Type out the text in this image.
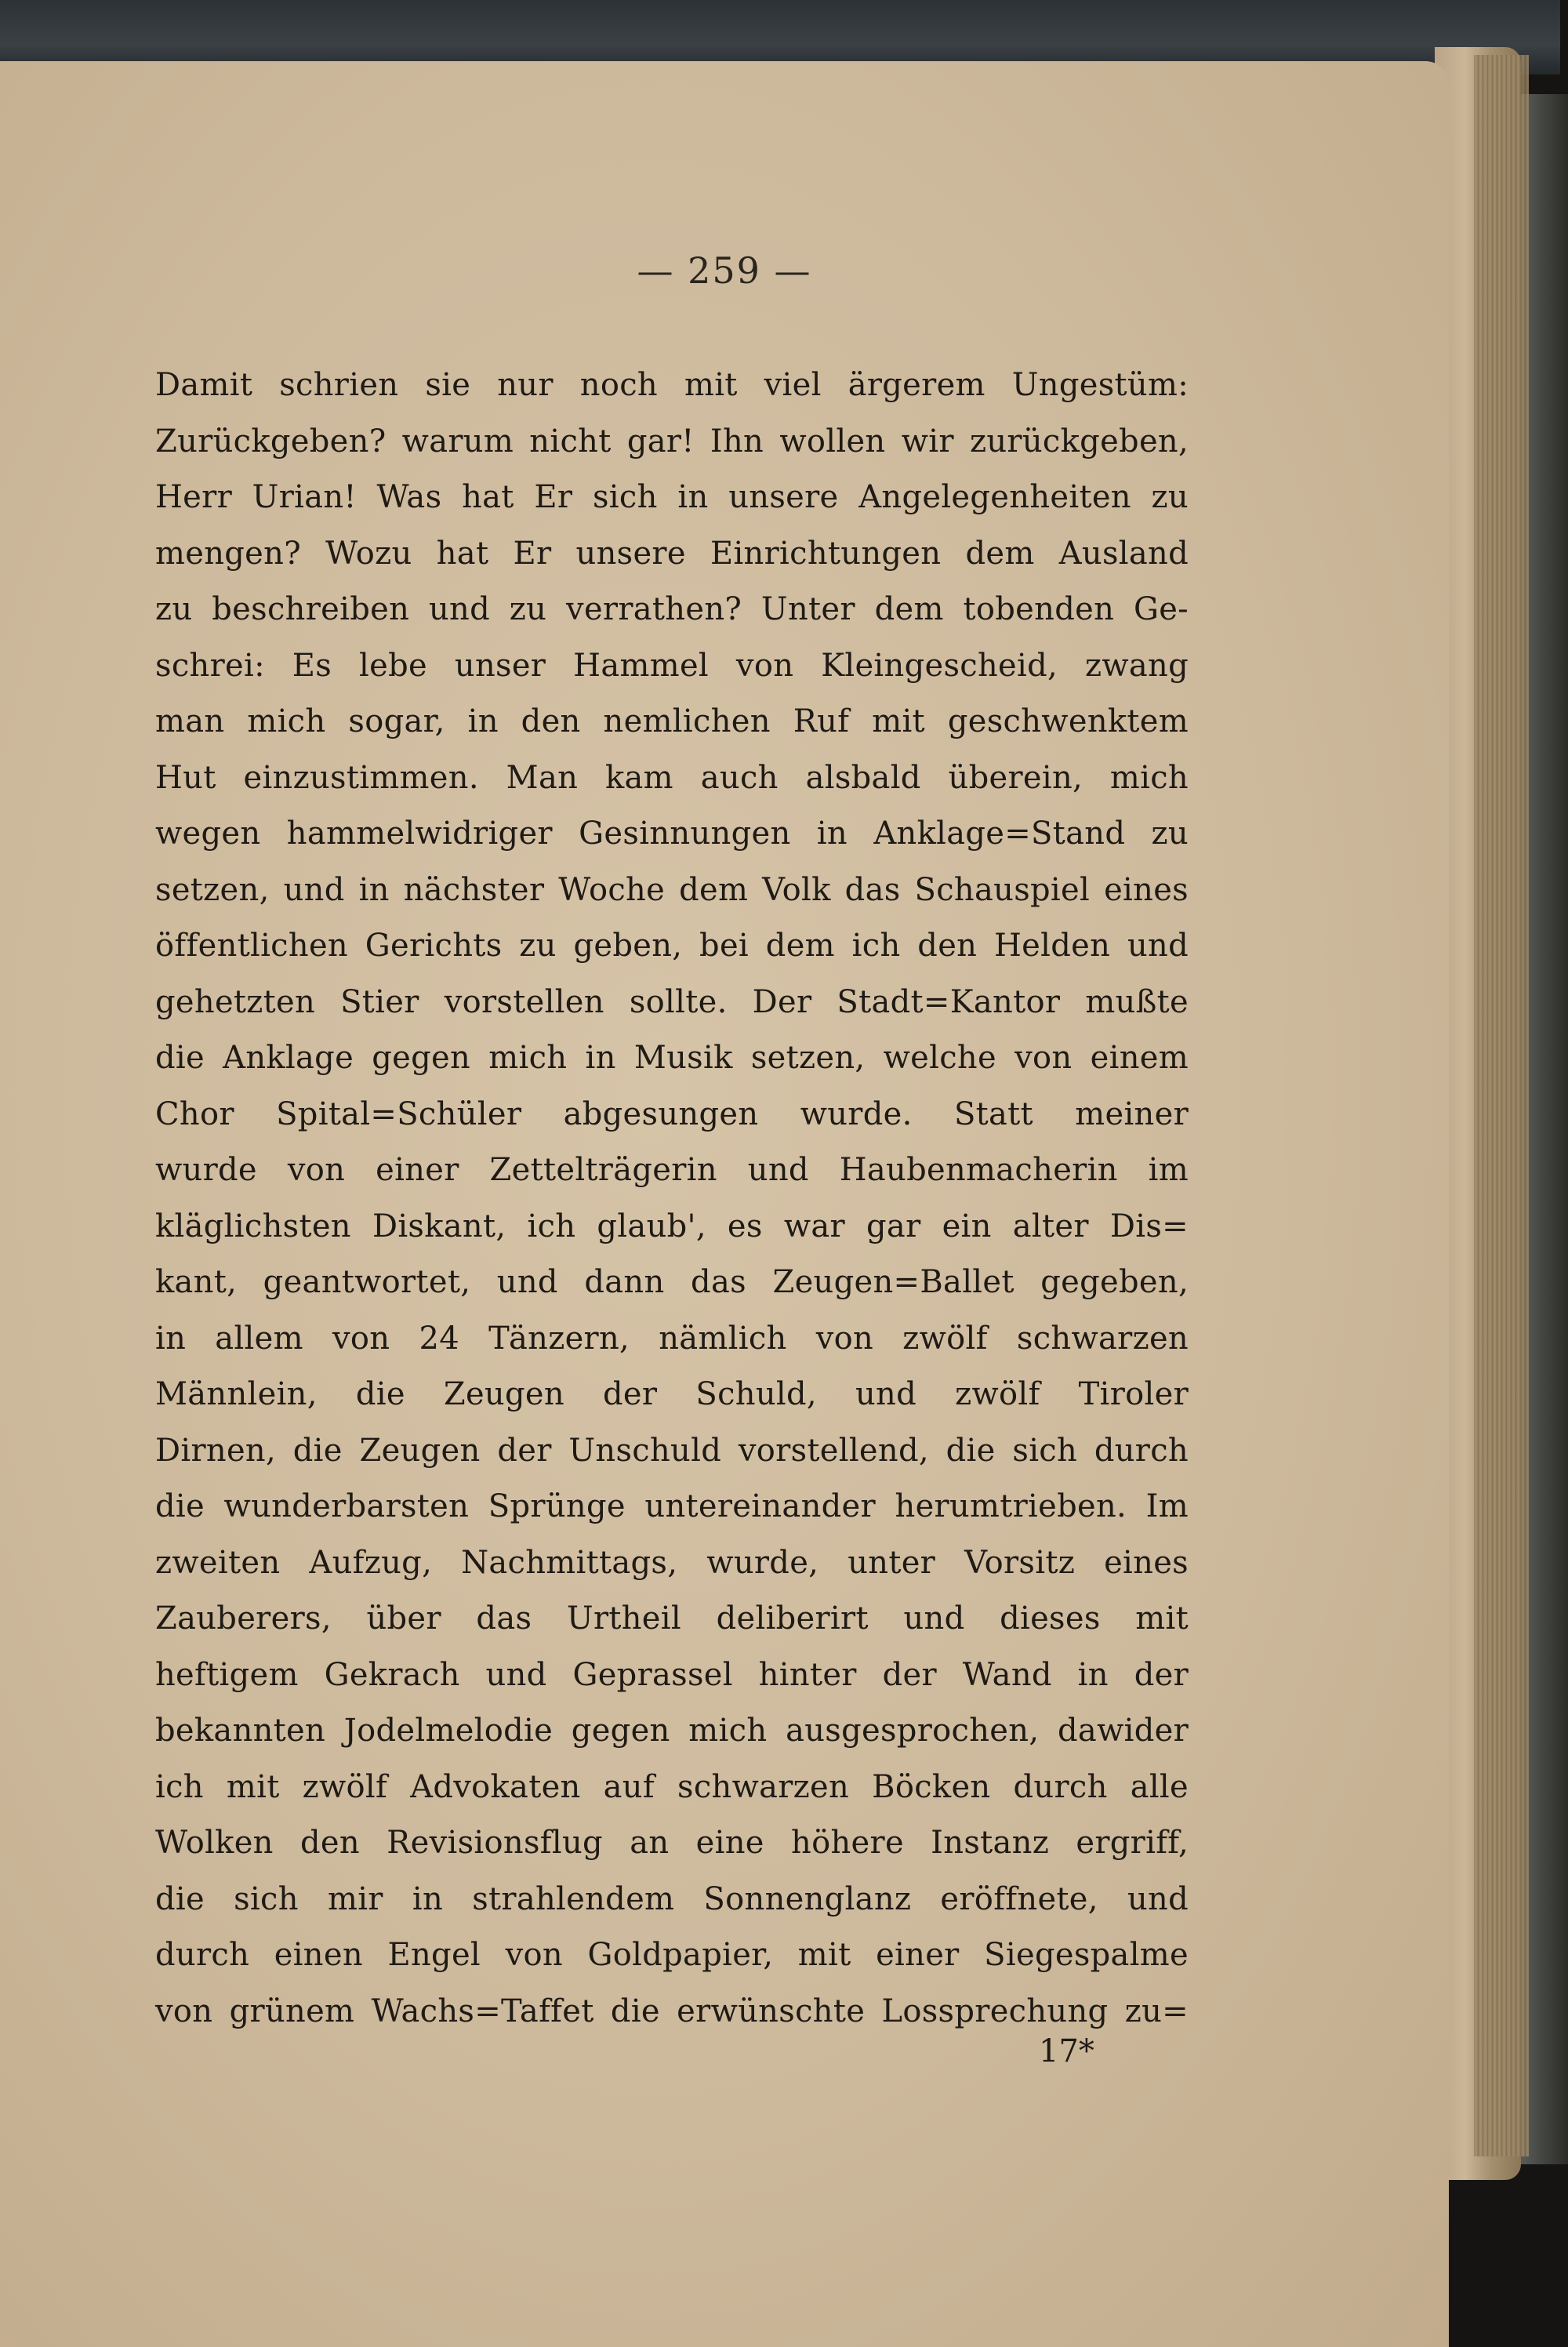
— 259 —
Damit schrien sie nur noch mit viel ärgerem Ungestüm:
Zurückgeben? warum nicht gar! Ihn wollen wir zurückgeben,
Herr Urian! Was hat Er sich in unsere Angelegenheiten zu
mengen? Wozu hat Er unsere Einrichtungen dem Ausland
zu beschreiben und zu verrathen? Unter dem tobenden Ge-
schrei: Es lebe unser Hammel von Kleingescheid, zwang
man mich sogar, in den nemlichen Ruf mit geschwenktem
Hut einzustimmen. Man kam auch alsbald überein, mich
wegen hammelwidriger Gesinnungen in Anklage=Stand zu
setzen, und in nächster Woche dem Volk das Schauspiel eines
öffentlichen Gerichts zu geben, bei dem ich den Helden und
gehetzten Stier vorstellen sollte. Der Stadt=Kantor mußte
die Anklage gegen mich in Musik setzen, welche von einem
Chor Spital=Schüler abgesungen wurde. Statt meiner
wurde von einer Zettelträgerin und Haubenmacherin im
kläglichsten Diskant, ich glaub', es war gar ein alter Dis=
kant, geantwortet, und dann das Zeugen=Ballet gegeben,
in allem von 24 Tänzern, nämlich von zwölf schwarzen
Männlein, die Zeugen der Schuld, und zwölf Tiroler
Dirnen, die Zeugen der Unschuld vorstellend, die sich durch
die wunderbarsten Sprünge untereinander herumtrieben. Im
zweiten Aufzug, Nachmittags, wurde, unter Vorsitz eines
Zauberers, über das Urtheil deliberirt und dieses mit
heftigem Gekrach und Geprassel hinter der Wand in der
bekannten Jodelmelodie gegen mich ausgesprochen, dawider
ich mit zwölf Advokaten auf schwarzen Böcken durch alle
Wolken den Revisionsflug an eine höhere Instanz ergriff,
die sich mir in strahlendem Sonnenglanz eröffnete, und
durch einen Engel von Goldpapier, mit einer Siegespalme
von grünem Wachs=Taffet die erwünschte Lossprechung zu=
17*
